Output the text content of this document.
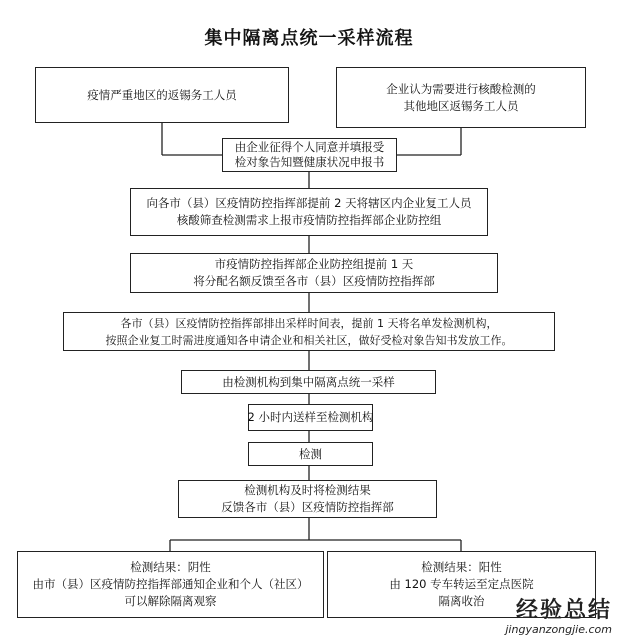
集中隔离点统一采样流程
疫情严重地区的返锡务工人员	企业认为需要进行核酸检测的
其他地区返锡务工人员
由企业征得个人同意并填报受
检对象告知暨健康状况申报书
向各市（县）区疫情防控指挥部提前 2 天将辖区内企业复工人员
核酸筛查检测需求上报市疫情防控指挥部企业防控组
市疫情防控指挥部企业防控组提前 1 天
将分配名额反馈至各市（县）区疫情防控指挥部
各市（县）区疫情防控指挥部排出采样时间表，提前 1 天将名单发检测机构，
按照企业复工时需进度通知各申请企业和相关社区，做好受检对象告知书发放工作。
由检测机构到集中隔离点统一采样
2 小时内送样至检测机构
检测
检测机构及时将检测结果
反馈各市（县）区疫情防控指挥部
检测结果：阴性
由市（县）区疫情防控指挥部通知企业和个人（社区）
可以解除隔离观察
检测结果：阳性
由 120 专车转运至定点医院
隔离收治	经验总结
jingyanzongjie.com
